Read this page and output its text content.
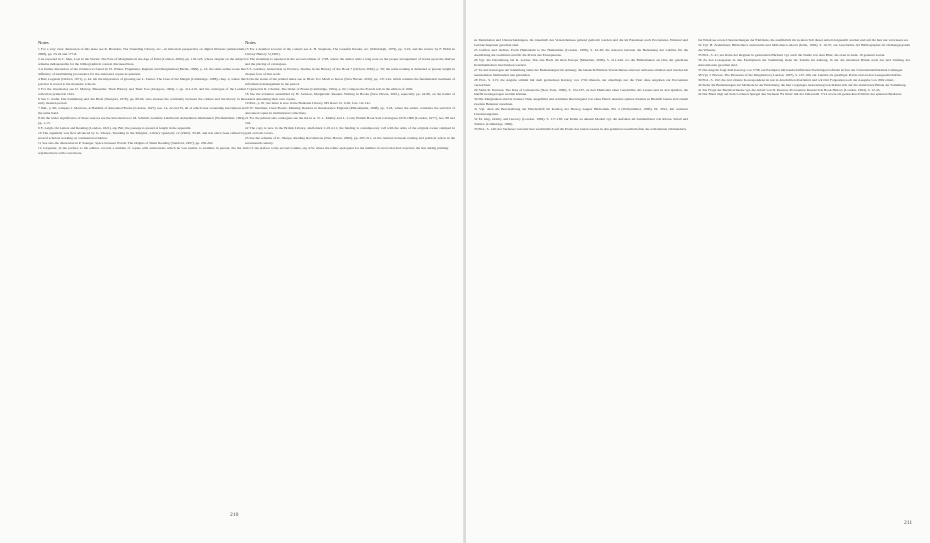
Notes

1 For a very clear discussion of this issue see R. Brandon, The Unending Library, etc., an historical perspective on digital libraries (Amsterdam, 2008), pp. 23-24 and 177-8.

2 As reported in C. Mee, Lost in the Stacks: The Fate of Marginalia in the Age of Print (London, 2004), pp. 118-123, whose chapter on the subject remains indispensable for the bibliographical context discussed here.

3 A further discussion of the evidence is found in: H. Winter, Fragmente, Register und Marginalien (Berlin, 1999), p. 41; the same author notes the difficulty of establishing provenance for the annotated copies in question.

4 Bell, Legends (Oxford, 1971), p. 44. On the importance of glossing see L. Turner, The Uses of the Margin (Cambridge, 1988), chap. 2, where the practice is traced to the monastic schools.

5 For the inventories see D. Murray, Museums: Their History and Their Use (Glasgow, 1904), i. pp. 211-219, and the catalogue of the Leiden collection printed in 1612.

6 See C. Kuhn, Die Sammlung und das Buch (Stuttgart, 1978), pp. 89-94, who stresses the continuity between the cabinet and the library in the early modern period.

7 Ibid., p. 96; compare J. Marlowe, A Handlist of Annotated Books (London, 1927), nos. 14, 22 and 35, all of which bear ownership inscriptions in the same hand.

8 On the wider significance of these sources see the introduction to M. Schmitt, Gelehrte Lektüre im siebzehnten Jahrhundert (Wolfenbüttel, 1993), pp. 1-15.

9 E. Leigh, On Letters and Reading (London, 1621), sig. B2r; the passage is quoted at length in the appendix.

10 The argument was first advanced by G. Thorpe, 'Reading in the Margins', Library Quarterly 12 (1962), 33-48, and has since been refined by several scholars working on continental evidence.

11 See also the discussion in P. Saenger, Space between Words: The Origins of Silent Reading (Stanford, 1997), pp. 256-262.

12 Carpenter, in the preface to his edition, records a number of copies with annotations which he was unable to examine in person; the list is reprinted here with corrections.

Notes

13 For a detailed account of the context see A. B. Stephens, The Grateful Reader, etc. (Edinburgh, 1979), pp. 3-19, and the review by F. Holm in Library History 5 (1981).

14 The statement is repeated in the second edition of 1728, where the author adds a long note on the proper arrangement of books upon the shelves and the placing of catalogues.

15 S. Gardner, Annotation as Practice, Studies in the History of the Book 7 (Oxford, 2002), p. 58; the same reading is defended at greater length in chapter four of that work.

16 On the status of the printed index see A. Blair, Too Much to Know (New Haven, 2010), pp. 137-144, which remains the fundamental treatment of information management in the period.

17 Quoted in R. Chartier, The Order of Books (Cambridge, 1994), p. 62; compare the French text in the edition of 1692.

18 See the evidence assembled by H. Jackson, Marginalia: Readers Writing in Books (New Haven, 2001), especially pp. 44-80, on the habits of readers annotating their own copies.

19 Ibid., p. 81; the letter is now in the Bodleian Library, MS Rawl. D. 1120, fols. 12r-14v.

20 W. Sherman, Used Books: Marking Readers in Renaissance England (Philadelphia, 2008), pp. 3-24, where the author considers the survival of annotated copies in institutional collections.

21 For the printed sale catalogues see the list in A. N. L. Munby and L. Coral, British Book Sale Catalogues 1676-1800 (London, 1977), nos. 88 and 104.

22 The copy is now in the British Library, shelf-mark C.45.d.11; the binding is contemporary calf with the arms of the original owner stamped in gold on both covers.

23 See the remarks of K. Sharpe, Reading Revolutions (New Haven, 2000), pp. 295-311, on the relation between reading and political action in the seventeenth century.

24 Cf. the preface to the second volume, sig. A3v, where the editor apologises for the number of errors that had crept into the text during printing.

210

zu Merkmalen und Unterscheidungen, die innerhalb des Verzeichnisses geltend gemacht werden und die im Einzelnen nach Provenienz, Einband und Gebrauchsspuren geordnet sind.

25 Grafton und Jardine, From Humanism to the Humanities (London, 1986), S. 42-48; die Autoren betonen die Bedeutung der Lektüre für die Ausbildung der Gelehrten und für die Praxis des Exzerpierens.

26 Vgl. die Darstellung bei K. Garber, Das alte Buch im alten Europa (München, 2006), S. 211-240, wo die Bibliotheken als Orte der gelehrten Kommunikation beschrieben werden.

27 Zu den Katalogen der Sammlung siehe die Bemerkungen im Anhang; die handschriftlichen Verzeichnisse sind nur teilweise erhalten und wurden im neunzehnten Jahrhundert neu gebunden.

28 Ebd., S. 213; die Angabe stimmt mit dem gedruckten Katalog von 1704 überein, der allerdings nur die Titel ohne Angaben zur Provenienz verzeichnet.

29 Siehe R. Darnton, The Kiss of Lamourette (New York, 1990), S. 154-187, zu den Methoden einer Geschichte des Lesens und zu den Quellen, die hierfür herangezogen werden können.

30 Die Marginalien sind in brauner Tinte ausgeführt und stammen überwiegend von einer Hand; einzelne spätere Zusätze in Bleistift lassen sich einem zweiten Benutzer zuordnen.

31 Vgl. dazu die Beschreibung der Handschrift im Katalog der Herzog August Bibliothek, Bd. 4 (Wolfenbüttel, 1900), Nr. 3012, mit weiteren Literaturangaben.

32 M. Ong, Orality and Literacy (London, 1982), S. 117-138; zur Kritik an diesem Modell vgl. die Aufsätze im Sammelband von Raven, Small und Tadmor (Cambridge, 1996).

33 Ebd., S. 140; der Verfasser verweist hier ausdrücklich auf die Praxis des lauten Lesens in den gelehrten Gesellschaften des achtzehnten Jahrhunderts.

bis Windrose sowie Untersuchungen der Einbände, die ausführlich im zweiten Teil dieser Arbeit dargestellt werden und auf die hier nur verwiesen sei.

34 Vgl. H. Zedelmaier, Bibliotheca universalis und bibliotheca selecta (Köln, 1992), S. 19-37, zur Geschichte der Bibliographie als Ordnungssystem des Wissens.

35 Ebd., S. 41; zur Rolle der Register in gedruckten Büchern vgl. auch die Studie von Ann Blair, die oben in Anm. 16 genannt wurde.

36 Zu den Lesespuren in den Exemplaren der Sammlung siehe die Tabelle im Anhang, in der die einzelnen Bände nach Art und Umfang der Annotationen geordnet sind.

37 Die Angabe folgt dem Katalog von 1738; ein Exemplar mit handschriftlichen Nachträgen befindet sich in der Universitätsbibliothek Göttingen.

38 Vgl. J. Brewer, The Pleasures of the Imagination (London, 1997), S. 167-190, zur Lektüre als geselliger Praxis und zu den Lesegesellschaften.

39 Ebd., S. 192; die dort zitierte Korrespondenz ist nur in Abschriften überliefert und wird im Folgenden nach der Ausgabe von 1802 zitiert.

40 Siehe die Bemerkungen zur Methode in der Einleitung; die hier vorgelegte Auswertung beschränkt sich auf die datierbaren Bände der Sammlung.

41 Zur Frage der Besitzvermerke vgl. die Arbeit von D. Pearson, Provenance Research in Book History (London, 1994), S. 12-45.

42 Der Band trägt auf dem vorderen Spiegel den Vermerk 'Ex libris' mit der Jahreszahl 1714 sowie ein gedrucktes Exlibris des späteren Besitzers.

211
